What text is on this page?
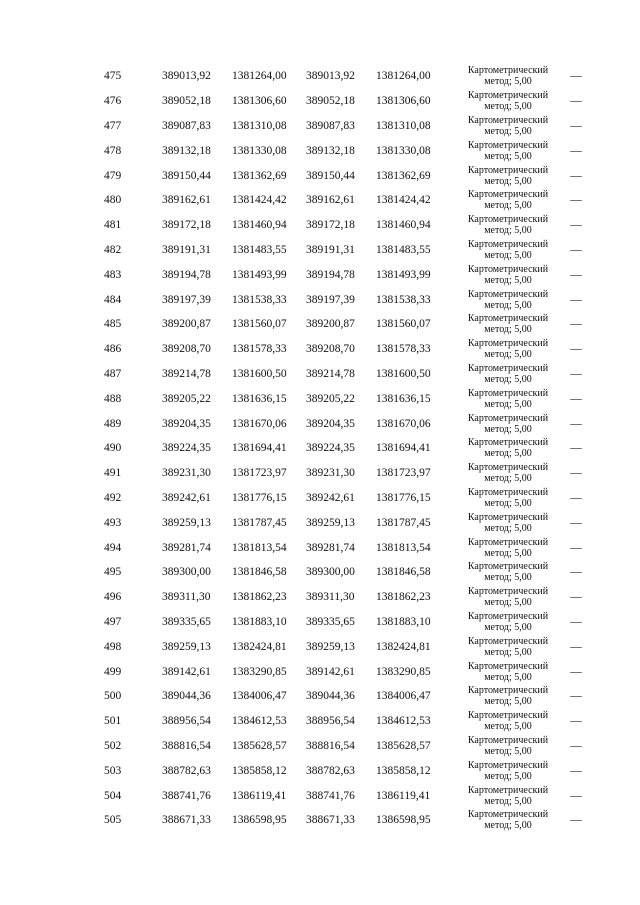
475	389013,92	1381264,00	389013,92	1381264,00	Картометрический
метод; 5,00	—
476	389052,18	1381306,60	389052,18	1381306,60	Картометрический
метод; 5,00	—
477	389087,83	1381310,08	389087,83	1381310,08	Картометрический
метод; 5,00	—
478	389132,18	1381330,08	389132,18	1381330,08	Картометрический
метод; 5,00	—
479	389150,44	1381362,69	389150,44	1381362,69	Картометрический
метод; 5,00	—
480	389162,61	1381424,42	389162,61	1381424,42	Картометрический
метод; 5,00	—
481	389172,18	1381460,94	389172,18	1381460,94	Картометрический
метод; 5,00	—
482	389191,31	1381483,55	389191,31	1381483,55	Картометрический
метод; 5,00	—
483	389194,78	1381493,99	389194,78	1381493,99	Картометрический
метод; 5,00	—
484	389197,39	1381538,33	389197,39	1381538,33	Картометрический
метод; 5,00	—
485	389200,87	1381560,07	389200,87	1381560,07	Картометрический
метод; 5,00	—
486	389208,70	1381578,33	389208,70	1381578,33	Картометрический
метод; 5,00	—
487	389214,78	1381600,50	389214,78	1381600,50	Картометрический
метод; 5,00	—
488	389205,22	1381636,15	389205,22	1381636,15	Картометрический
метод; 5,00	—
489	389204,35	1381670,06	389204,35	1381670,06	Картометрический
метод; 5,00	—
490	389224,35	1381694,41	389224,35	1381694,41	Картометрический
метод; 5,00	—
491	389231,30	1381723,97	389231,30	1381723,97	Картометрический
метод; 5,00	—
492	389242,61	1381776,15	389242,61	1381776,15	Картометрический
метод; 5,00	—
493	389259,13	1381787,45	389259,13	1381787,45	Картометрический
метод; 5,00	—
494	389281,74	1381813,54	389281,74	1381813,54	Картометрический
метод; 5,00	—
495	389300,00	1381846,58	389300,00	1381846,58	Картометрический
метод; 5,00	—
496	389311,30	1381862,23	389311,30	1381862,23	Картометрический
метод; 5,00	—
497	389335,65	1381883,10	389335,65	1381883,10	Картометрический
метод; 5,00	—
498	389259,13	1382424,81	389259,13	1382424,81	Картометрический
метод; 5,00	—
499	389142,61	1383290,85	389142,61	1383290,85	Картометрический
метод; 5,00	—
500	389044,36	1384006,47	389044,36	1384006,47	Картометрический
метод; 5,00	—
501	388956,54	1384612,53	388956,54	1384612,53	Картометрический
метод; 5,00	—
502	388816,54	1385628,57	388816,54	1385628,57	Картометрический
метод; 5,00	—
503	388782,63	1385858,12	388782,63	1385858,12	Картометрический
метод; 5,00	—
504	388741,76	1386119,41	388741,76	1386119,41	Картометрический
метод; 5,00	—
505	388671,33	1386598,95	388671,33	1386598,95	Картометрический
метод; 5,00	—
